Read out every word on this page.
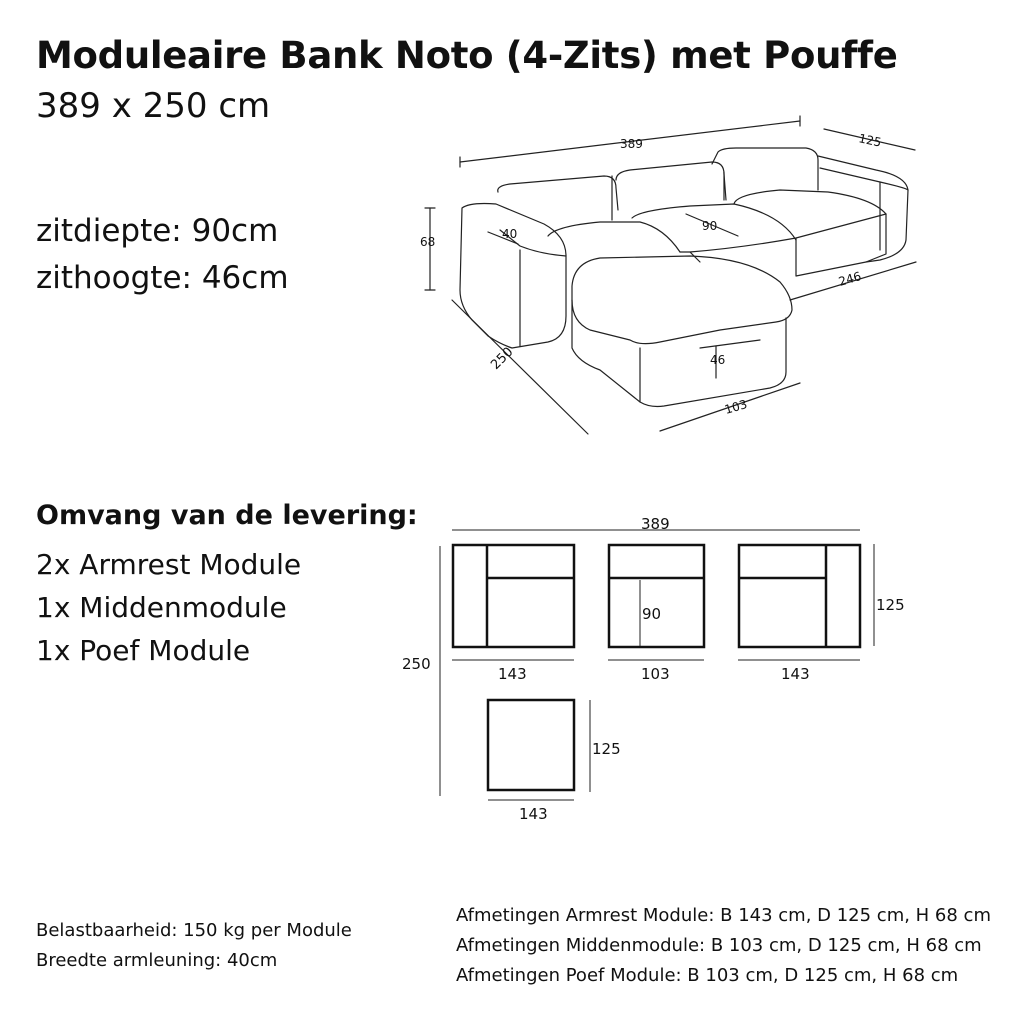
Moduleaire Bank Noto (4-Zits) met Pouffe
389 x 250 cm
zitdiepte: 90cm
zithoogte: 46cm
389	125
68
40
90
246
250	46
103
Omvang van de levering:
2x Armrest Module
1x Middenmodule
1x Poef Module
389
250
125
143	103
90
143
125
143
Belastbaarheid: 150 kg per Module
Breedte armleuning: 40cm
Afmetingen Armrest Module: B 143 cm, D 125 cm, H 68 cm
Afmetingen Middenmodule: B 103 cm, D 125 cm, H 68 cm
Afmetingen Poef Module: B 103 cm, D 125 cm, H 68 cm
